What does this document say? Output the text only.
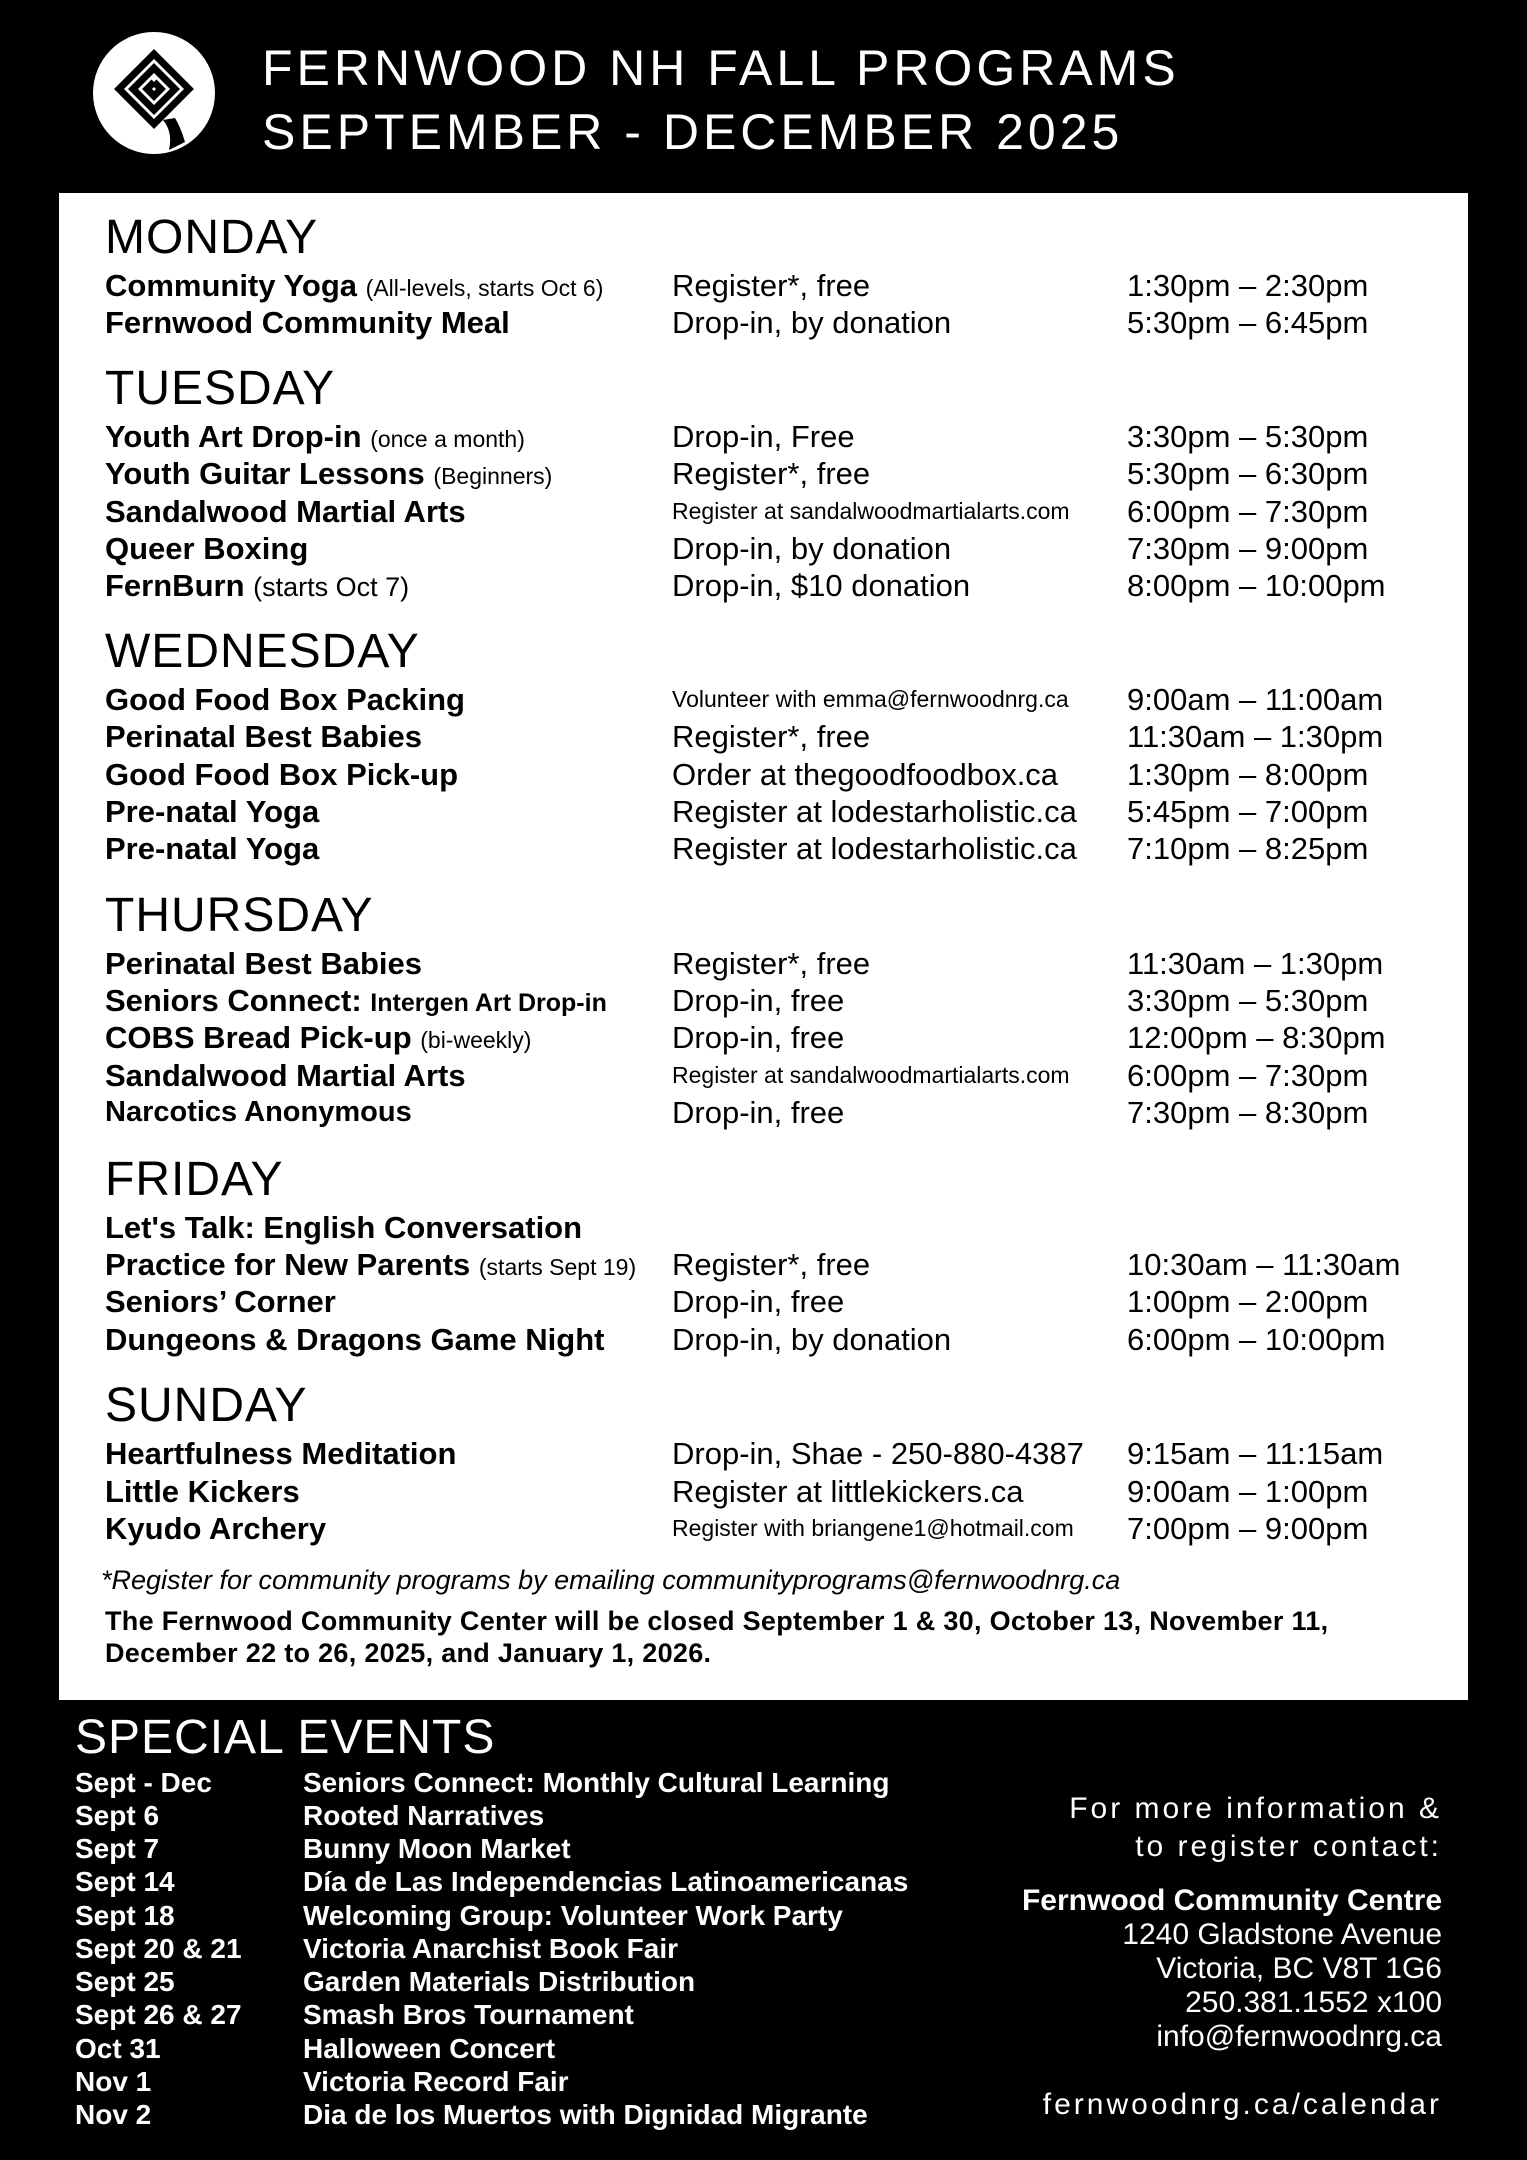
FERNWOOD NH FALL PROGRAMS
SEPTEMBER - DECEMBER 2025
MONDAY
Community Yoga (All-levels, starts Oct 6) Register*, free	1:30pm – 2:30pm
Fernwood Community Meal	Drop-in, by donation	5:30pm – 6:45pm
TUESDAY
Youth Art Drop-in (once a month)	Drop-in, Free	3:30pm – 5:30pm
Youth Guitar Lessons (Beginners)	Register*, free	5:30pm – 6:30pm
Sandalwood Martial Arts	Register at sandalwoodmartialarts.com 6:00pm – 7:30pm
Queer Boxing	Drop-in, by donation	7:30pm – 9:00pm
FernBurn (starts Oct 7)	Drop-in, $10 donation	8:00pm – 10:00pm
WEDNESDAY
Good Food Box Packing	Volunteer with emma@fernwoodnrg.ca 9:00am – 11:00am
Perinatal Best Babies	Register*, free	11:30am – 1:30pm
Good Food Box Pick-up	Order at thegoodfoodbox.ca 1:30pm – 8:00pm
Pre-natal Yoga	Register at lodestarholistic.ca 5:45pm – 7:00pm
Pre-natal Yoga	Register at lodestarholistic.ca 7:10pm – 8:25pm
THURSDAY
Perinatal Best Babies	Register*, free	11:30am – 1:30pm
Seniors Connect: Intergen Art Drop-in Drop-in, free	3:30pm – 5:30pm
COBS Bread Pick-up (bi-weekly)	Drop-in, free	12:00pm – 8:30pm
Sandalwood Martial Arts	Register at sandalwoodmartialarts.com 6:00pm – 7:30pm
Narcotics Anonymous	Drop-in, free	7:30pm – 8:30pm
FRIDAY
Let's Talk: English Conversation
Practice for New Parents (starts Sept 19) Register*, free	10:30am – 11:30am
Seniors’ Corner	Drop-in, free	1:00pm – 2:00pm
Dungeons & Dragons Game Night Drop-in, by donation	6:00pm – 10:00pm
SUNDAY
Heartfulness Meditation	Drop-in, Shae - 250-880-4387 9:15am – 11:15am
Little Kickers	Register at littlekickers.ca	9:00am – 1:00pm
Kyudo Archery	Register with briangene1@hotmail.com 7:00pm – 9:00pm
*Register for community programs by emailing communityprograms@fernwoodnrg.ca
The Fernwood Community Center will be closed September 1 & 30, October 13, November 11,
December 22 to 26, 2025, and January 1, 2026.
SPECIAL EVENTS
Sept - Dec	Seniors Connect: Monthly Cultural Learning
Sept 6	Rooted Narratives
Sept 7	Bunny Moon Market
Sept 14	Día de Las Independencias Latinoamericanas
Sept 18	Welcoming Group: Volunteer Work Party
Sept 20 & 21 Victoria Anarchist Book Fair
Sept 25	Garden Materials Distribution
Sept 26 & 27 Smash Bros Tournament
Oct 31	Halloween Concert
Nov 1	Victoria Record Fair
Nov 2	Dia de los Muertos with Dignidad Migrante
For more information &
to register contact:
Fernwood Community Centre
1240 Gladstone Avenue
Victoria, BC V8T 1G6
250.381.1552 x100
info@fernwoodnrg.ca
fernwoodnrg.ca/calendar
